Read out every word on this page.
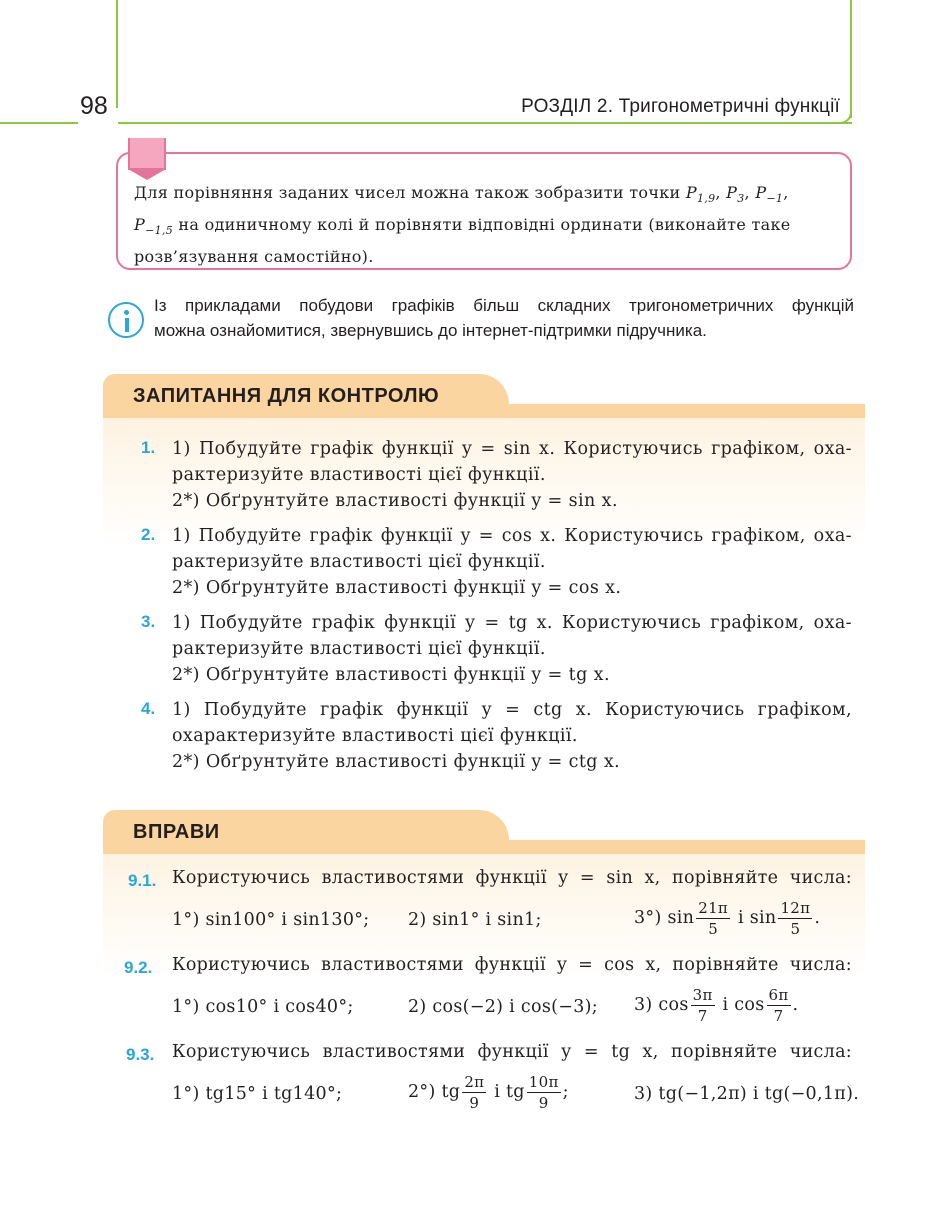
98	РОЗДІЛ 2. Тригонометричні функції
Для порівняння заданих чисел можна також зобразити точки $P_{1,9}$, $P_3$, $P_{-1}$,
$P_{-1,5}$ на одиничному колі й порівняти відповідні ординати (виконайте таке
розв’язування самостійно).
Із прикладами побудови графіків більш складних тригонометричних функцій
можна ознайомитися, звернувшись до інтернет-підтримки підручника.
ЗАПИТАННЯ ДЛЯ КОНТРОЛЮ
1. 1) Побудуйте графік функції y = sin x. Користуючись графіком, оха-
рактеризуйте властивості цієї функції.
2*) Обґрунтуйте властивості функції y = sin x.
2. 1) Побудуйте графік функції y = cos x. Користуючись графіком, оха-
рактеризуйте властивості цієї функції.
2*) Обґрунтуйте властивості функції y = cos x.
3. 1) Побудуйте графік функції y = tg x. Користуючись графіком, оха-
рактеризуйте властивості цієї функції.
2*) Обґрунтуйте властивості функції y = tg x.
4. 1) Побудуйте графік функції y = ctg x. Користуючись графіком,
охарактеризуйте властивості цієї функції.
2*) Обґрунтуйте властивості функції y = ctg x.
ВПРАВИ
9.1. Користуючись властивостями функції y = sin x, порівняйте числа:
1°) sin100° і sin130°; 2) sin1° і sin1;	3°) $\sin \frac{21\pi}{5}$ і $\sin \frac{12\pi}{5}$ .
9.2. Користуючись властивостями функції y = cos x, порівняйте числа:
1°) cos10° і cos40°;	2) cos(−2) і cos(−3); 3) $\cos \frac{3\pi}{7}$ і $\cos \frac{6\pi}{7}$ .
9.3. Користуючись властивостями функції y = tg x, порівняйте числа:
1°) tg15° і tg140°;	2°) tg $\frac{2\pi}{9}$ і tg $\frac{10\pi}{9}$ ;	3) tg(−1,2π) і tg(−0,1π).
